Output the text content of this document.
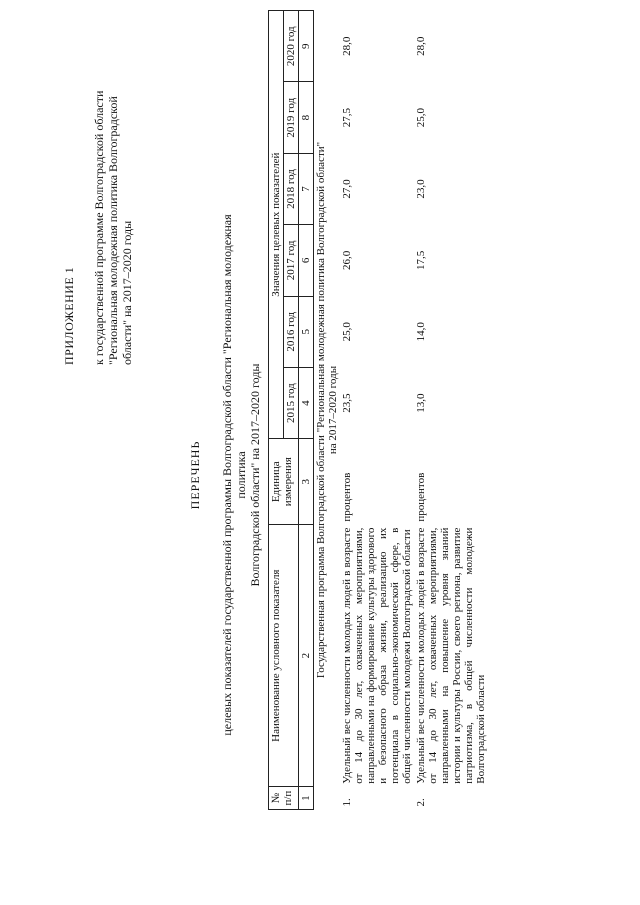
ПРИЛОЖЕНИЕ 1 к государственной программе Волгоградской области "Региональная молодежная политика Волгоградской области" на 2017–2020 годы
ПЕРЕЧЕНЬ целевых показателей государственной программы Волгоградской области "Региональная молодежная политика Волгоградской области" на 2017–2020 годы
№ п/п	Наименование условного показателя	Единица измерения	Значения целевых показателей					
			2015 год	2016 год	2017 год	2018 год	2019 год	2020 год
1	2	3	4	5	6	7	8	9

Государственная программа Волгоградской области "Региональная молодежная политика Волгоградской области" на 2017–2020 годы								

1.	Удельный вес численности молодых людей в возрасте от 14 до 30 лет, охваченных мероприятиями, направленными на формирование культуры здорового и безопасного образа жизни, реализацию их потенциала в социально-экономической сфере, в общей численности молодежи Волгоградской области	процентов	23,5	25,0	26,0	27,0	27,5	28,0
2.	Удельный вес численности молодых людей в возрасте от 14 до 30 лет, охваченных мероприятиями, направленными на повышение уровня знаний истории и культуры России, своего региона, развитие патриотизма, в общей численности молодежи Волгоградской области	процентов	13,0	14,0	17,5	23,0	25,0	28,0
